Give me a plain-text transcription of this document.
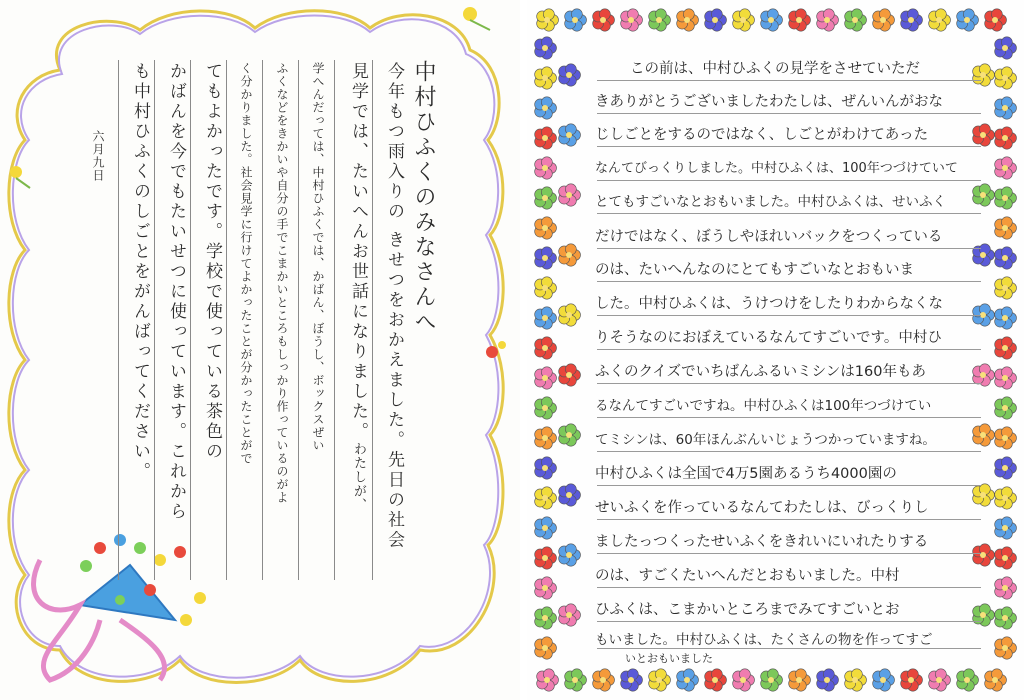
中村ひふくのみなさんへ
今年もつ雨入りの きせつをおかえました。先日の社会
見学では、たいへんお世話になりました。わたしが、
学へんだっては、中村ひふくでは、かばん、ぼうし、ボックスぜい
ふくなどをきかいや自分の手でこまかいところもしっかり作っているのがよ
く分かりました。社会見学に行けてよかったことが分かったことがで
てもよかったです。学校で使っている茶色の
かばんを今でもたいせつに使っています。これから
も中村ひふくのしごとをがんばってください。
六月九日
この前は、中村ひふくの見学をさせていただ
きありがとうございましたわたしは、ぜんいんがおな
じしごとをするのではなく、しごとがわけてあった
なんてびっくりしました。中村ひふくは、100年つづけていて
とてもすごいなとおもいました。中村ひふくは、せいふく
だけではなく、ぼうしやほれいバックをつくっている
のは、たいへんなのにとてもすごいなとおもいま
した。中村ひふくは、うけつけをしたりわからなくな
りそうなのにおぼえているなんてすごいです。中村ひ
ふくのクイズでいちばんふるいミシンは160年もあ
るなんてすごいですね。中村ひふくは100年つづけてい
てミシンは、60年ほんぶんいじょうつかっていますね。
中村ひふくは全国で4万5園あるうち4000園の
せいふくを作っているなんてわたしは、びっくりし
ましたっつくったせいふくをきれいにいれたりする
のは、すごくたいへんだとおもいました。中村
ひふくは、こまかいところまでみてすごいとお
もいました。中村ひふくは、たくさんの物を作ってすご
いとおもいました
